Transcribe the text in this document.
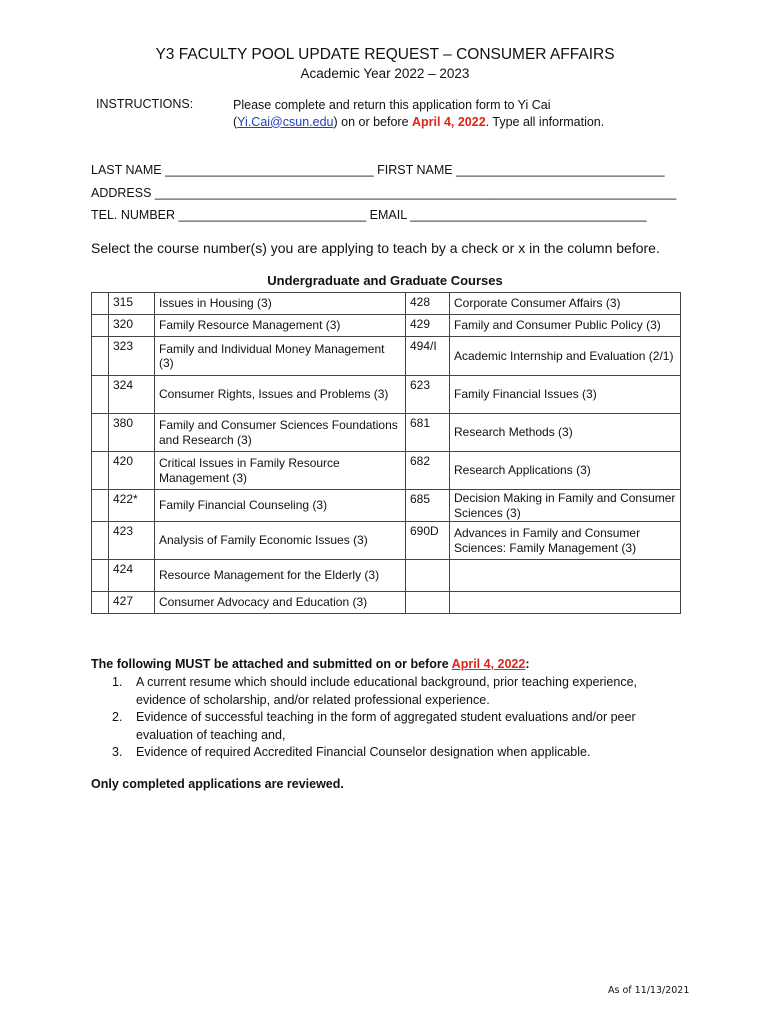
Y3 FACULTY POOL UPDATE REQUEST – CONSUMER AFFAIRS
Academic Year 2022 – 2023
INSTRUCTIONS:	Please complete and return this application form to Yi Cai
(Yi.Cai@csun.edu) on or before April 4, 2022. Type all information.
LAST NAME ______________________________ FIRST NAME ______________________________
ADDRESS ___________________________________________________________________________
TEL. NUMBER ___________________________ EMAIL __________________________________
Select the course number(s) you are applying to teach by a check or x in the column before.
Undergraduate and Graduate Courses
	315	Issues in Housing (3)	428	Corporate Consumer Affairs (3)
	320	Family Resource Management (3)	429	Family and Consumer Public Policy (3)
	323	Family and Individual Money Management (3)	494/I	Academic Internship and Evaluation (2/1)
	324	Consumer Rights, Issues and Problems (3)	623	Family Financial Issues (3)
	380	Family and Consumer Sciences Foundations and Research (3)	681	Research Methods (3)
	420	Critical Issues in Family Resource Management (3)	682	Research Applications (3)
	422*	Family Financial Counseling (3)	685	Decision Making in Family and Consumer Sciences (3)
	423	Analysis of Family Economic Issues (3)	690D	Advances in Family and Consumer Sciences: Family Management (3)
	424	Resource Management for the Elderly (3)		
	427	Consumer Advocacy and Education (3)		
The following MUST be attached and submitted on or before April 4, 2022:
1. A current resume which should include educational background, prior teaching experience, evidence of scholarship, and/or related professional experience.
2. Evidence of successful teaching in the form of aggregated student evaluations and/or peer evaluation of teaching and,
3. Evidence of required Accredited Financial Counselor designation when applicable.
Only completed applications are reviewed.
As of 11/13/2021
